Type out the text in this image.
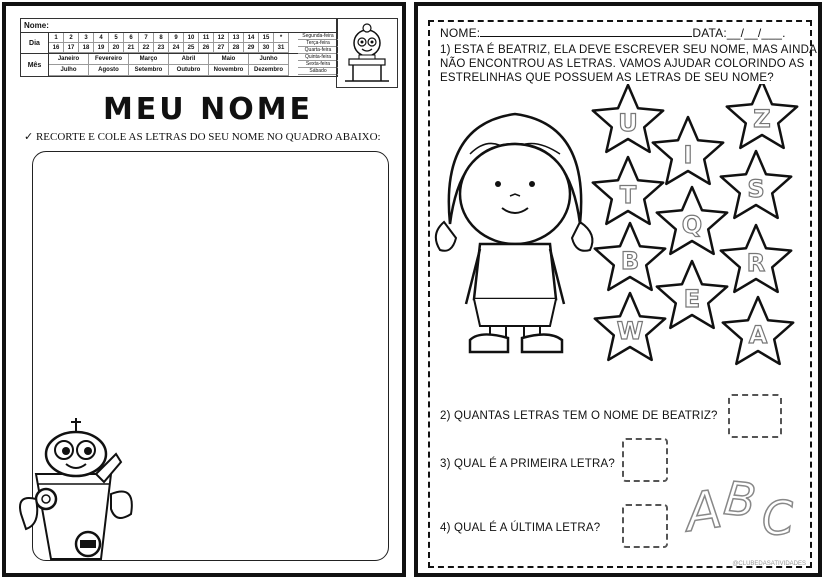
Nome:
Dia
1	2	3	4	5	6	7	8	9	10	11	12	13	14	15	*
16	17	18	19	20	21	22	23	24	25	26	27	28	29	30	31
Mês
Janeiro	Fevereiro	Março	Abril	Maio	Junho
Julho	Agosto	Setembro	Outubro	Novembro	Dezembro
Segunda-feira
Terça-feira
Quarta-feira
Quinta-feira
Sexta-feira
Sábado
MEU NOME
✓ RECORTE E COLE AS LETRAS DO SEU NOME NO QUADRO ABAIXO:
NOME:	DATA:__/__/___.
1) ESTA É BEATRIZ, ELA DEVE ESCREVER SEU NOME, MAS AINDA
NÃO ENCONTROU AS LETRAS. VAMOS AJUDAR COLORINDO AS
ESTRELINHAS QUE POSSUEM AS LETRAS DE SEU NOME?
U	Z
I
T	S
Q
B	R
E
W	A
2) QUANTAS LETRAS TEM O NOME DE BEATRIZ?
3) QUAL É A PRIMEIRA LETRA?
4) QUAL É A ÚLTIMA LETRA? A
B C
@CLUBEDASATIVIDADES
